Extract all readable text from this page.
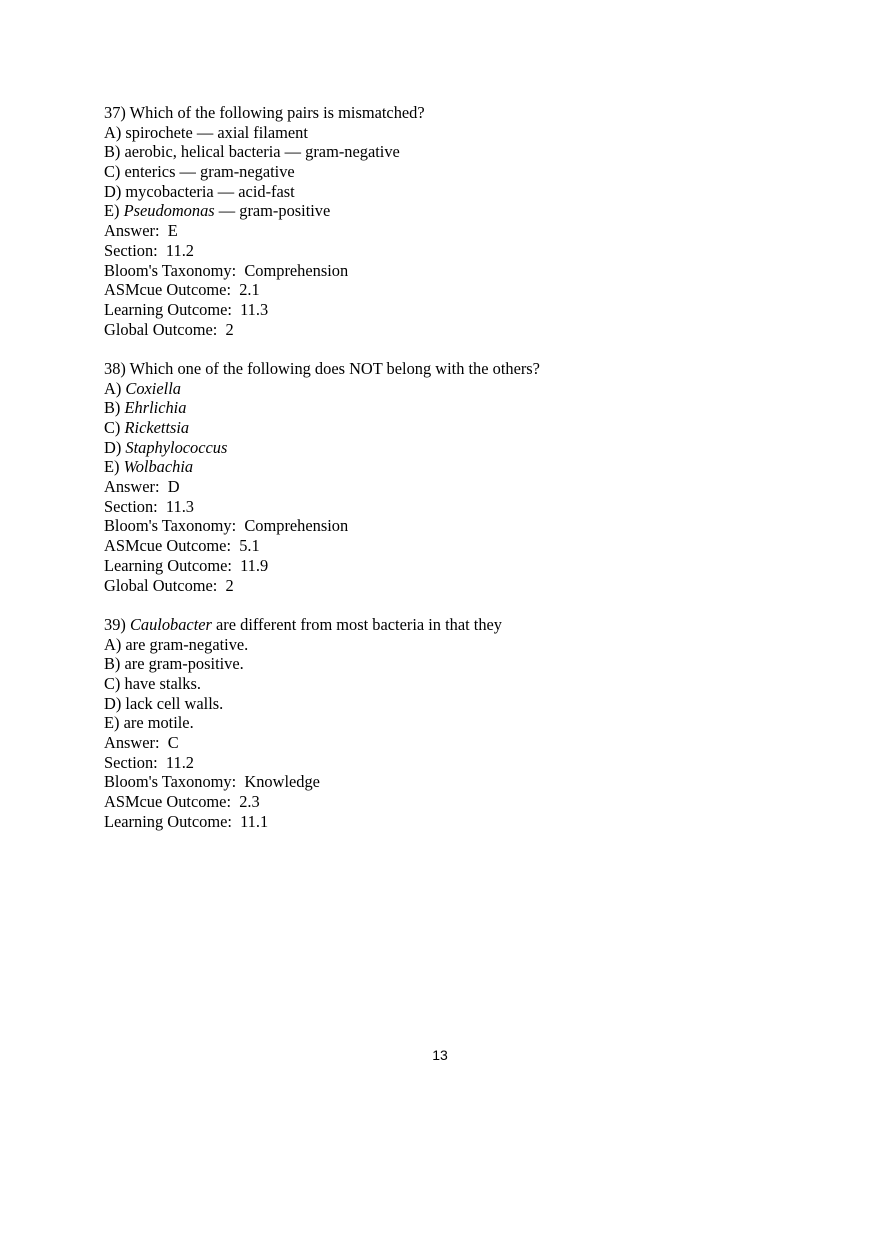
37) Which of the following pairs is mismatched?
A) spirochete — axial filament
B) aerobic, helical bacteria — gram-negative
C) enterics — gram-negative
D) mycobacteria — acid-fast
E) Pseudomonas — gram-positive
Answer:  E
Section:  11.2
Bloom's Taxonomy:  Comprehension
ASMcue Outcome:  2.1
Learning Outcome:  11.3
Global Outcome:  2
38) Which one of the following does NOT belong with the others?
A) Coxiella
B) Ehrlichia
C) Rickettsia
D) Staphylococcus
E) Wolbachia
Answer:  D
Section:  11.3
Bloom's Taxonomy:  Comprehension
ASMcue Outcome:  5.1
Learning Outcome:  11.9
Global Outcome:  2
39) Caulobacter are different from most bacteria in that they
A) are gram-negative.
B) are gram-positive.
C) have stalks.
D) lack cell walls.
E) are motile.
Answer:  C
Section:  11.2
Bloom's Taxonomy:  Knowledge
ASMcue Outcome:  2.3
Learning Outcome:  11.1
13
